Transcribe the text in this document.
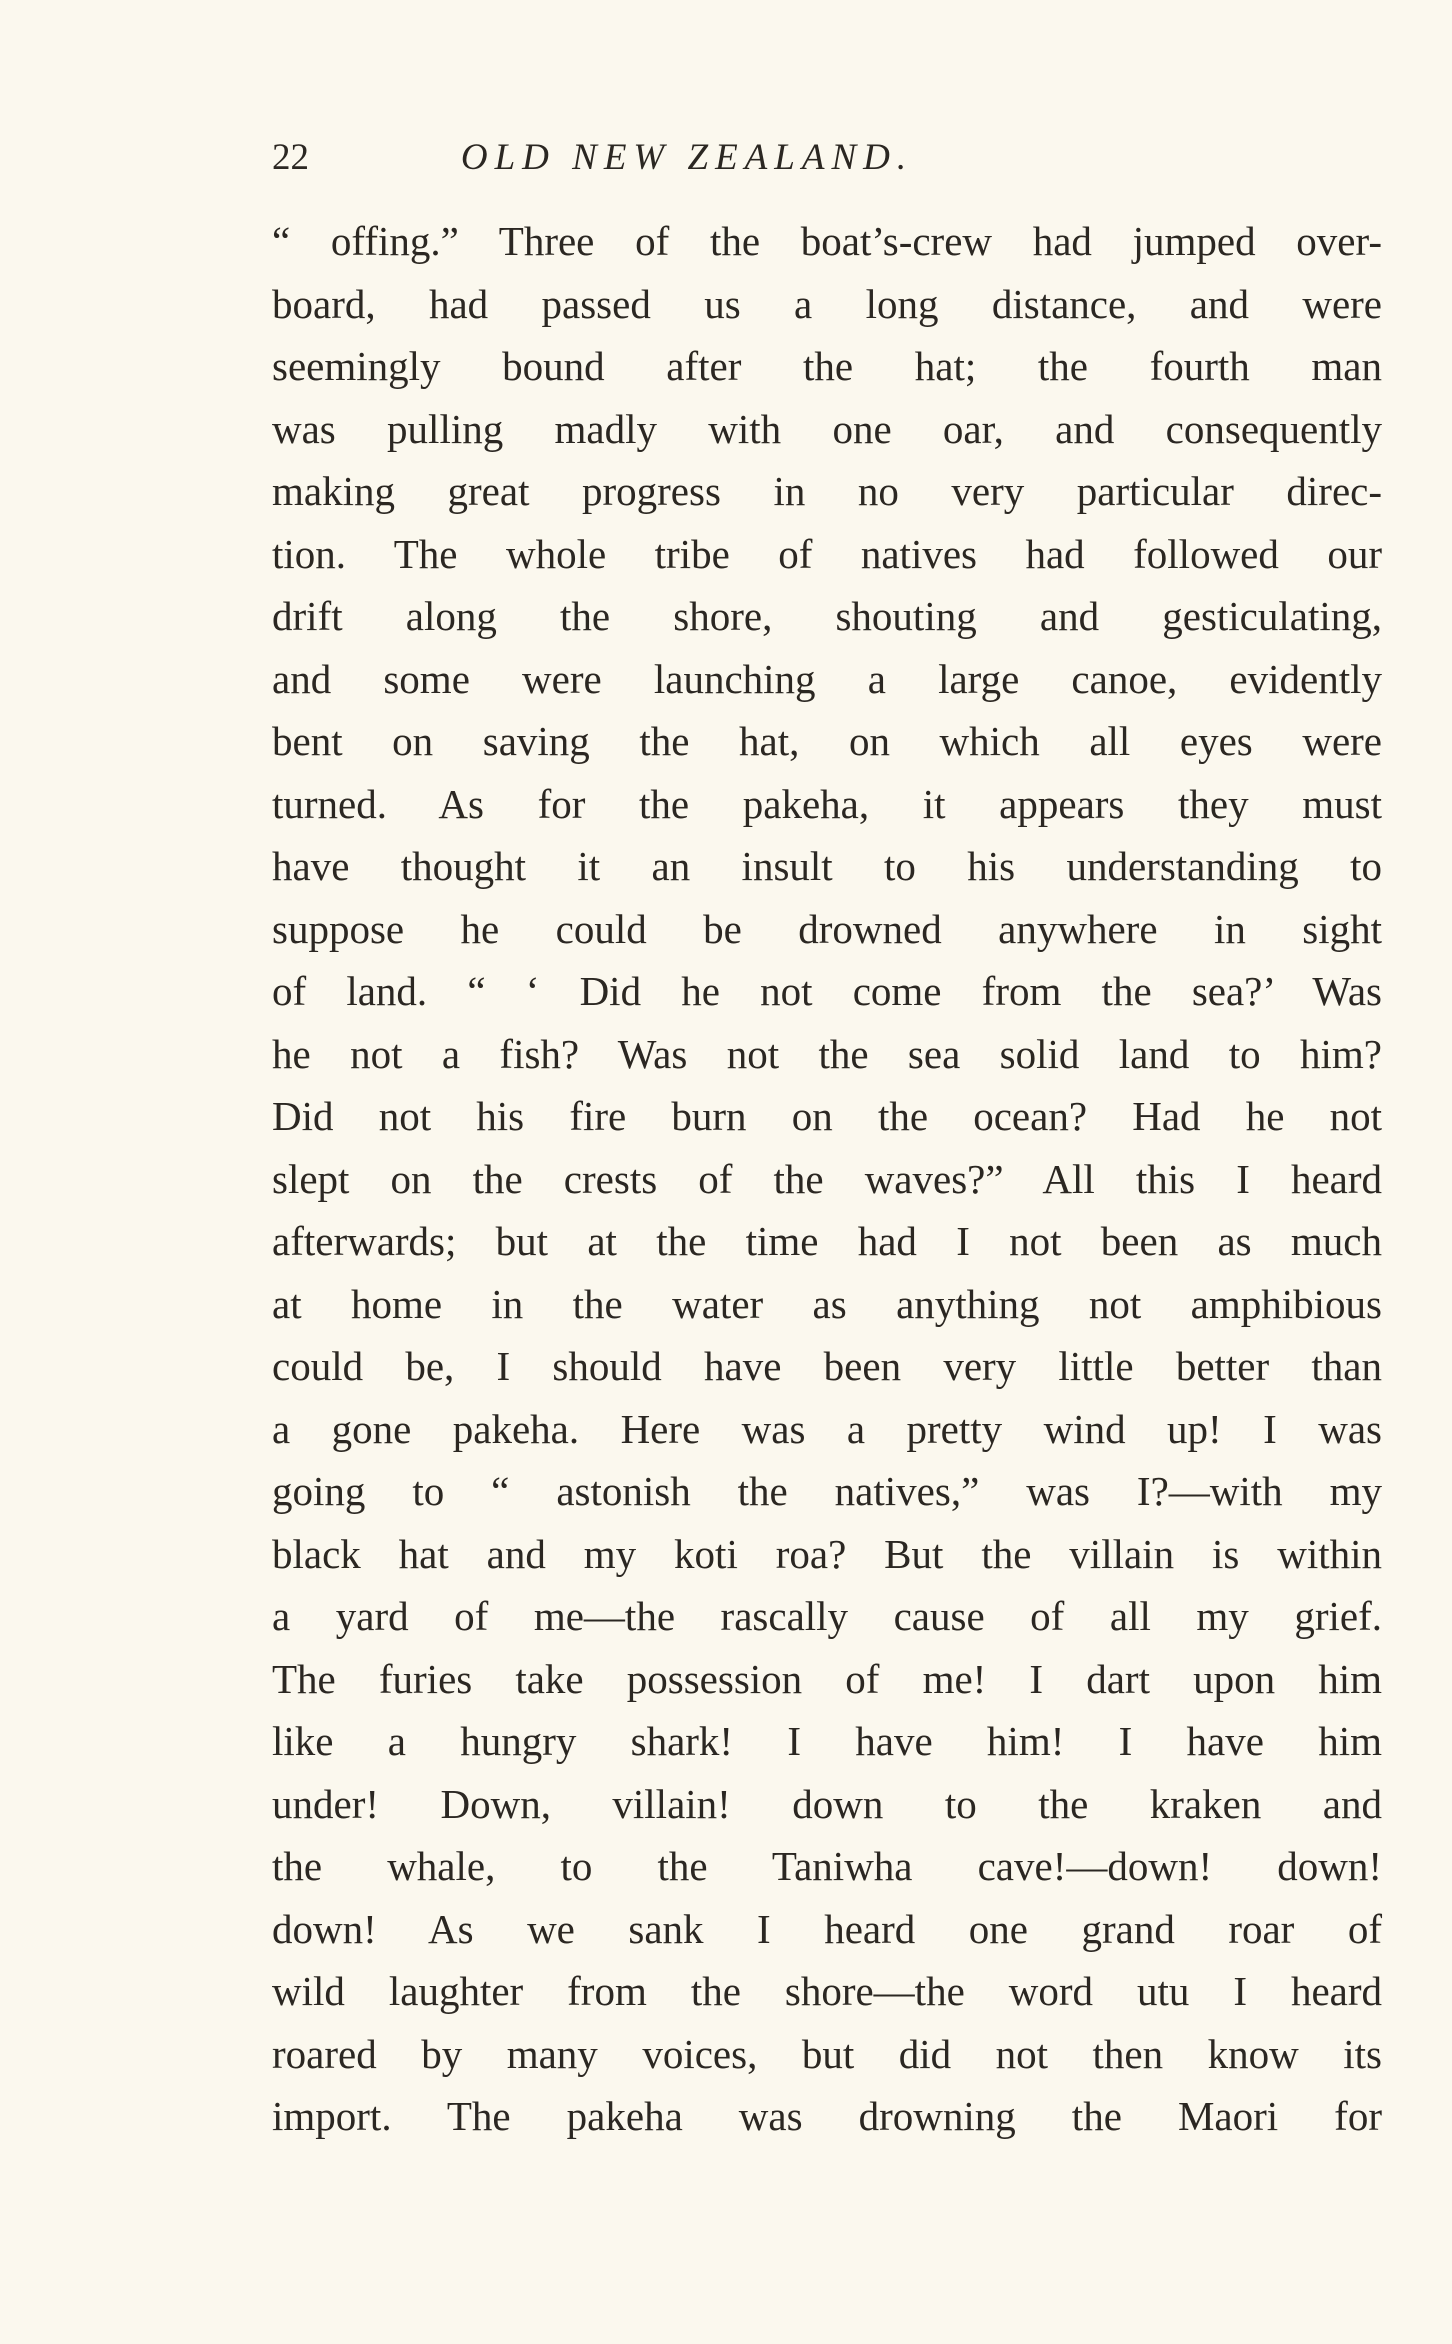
22	OLD NEW ZEALAND.
“ offing.” Three of the boat’s-crew had jumped over-
board, had passed us a long distance, and were
seemingly bound after the hat; the fourth man
was pulling madly with one oar, and consequently
making great progress in no very particular direc-
tion. The whole tribe of natives had followed our
drift along the shore, shouting and gesticulating,
and some were launching a large canoe, evidently
bent on saving the hat, on which all eyes were
turned. As for the pakeha, it appears they must
have thought it an insult to his understanding to
suppose he could be drowned anywhere in sight
of land. “ ‘ Did he not come from the sea?’ Was
he not a fish? Was not the sea solid land to him?
Did not his fire burn on the ocean? Had he not
slept on the crests of the waves?” All this I heard
afterwards; but at the time had I not been as much
at home in the water as anything not amphibious
could be, I should have been very little better than
a gone pakeha. Here was a pretty wind up! I was
going to “ astonish the natives,” was I?—with my
black hat and my koti roa? But the villain is within
a yard of me—the rascally cause of all my grief.
The furies take possession of me! I dart upon him
like a hungry shark! I have him! I have him
under! Down, villain! down to the kraken and
the whale, to the Taniwha cave!—down! down!
down! As we sank I heard one grand roar of
wild laughter from the shore—the word utu I heard
roared by many voices, but did not then know its
import. The pakeha was drowning the Maori for
